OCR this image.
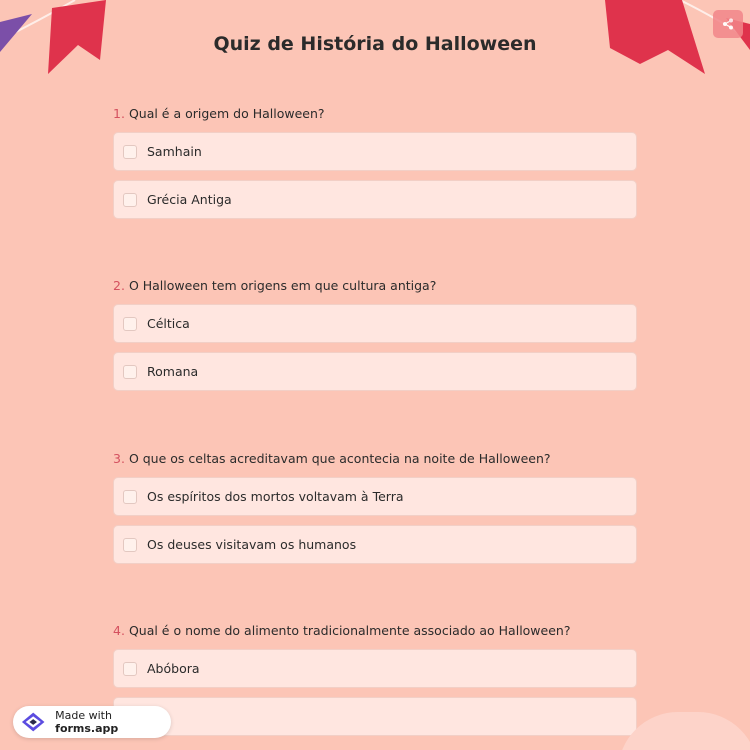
Quiz de História do Halloween
1. Qual é a origem do Halloween?
Samhain
Grécia Antiga
2. O Halloween tem origens em que cultura antiga?
Céltica
Romana
3. O que os celtas acreditavam que acontecia na noite de Halloween?
Os espíritos dos mortos voltavam à Terra
Os deuses visitavam os humanos
4. Qual é o nome do alimento tradicionalmente associado ao Halloween?
Abóbora
Made with forms.app
